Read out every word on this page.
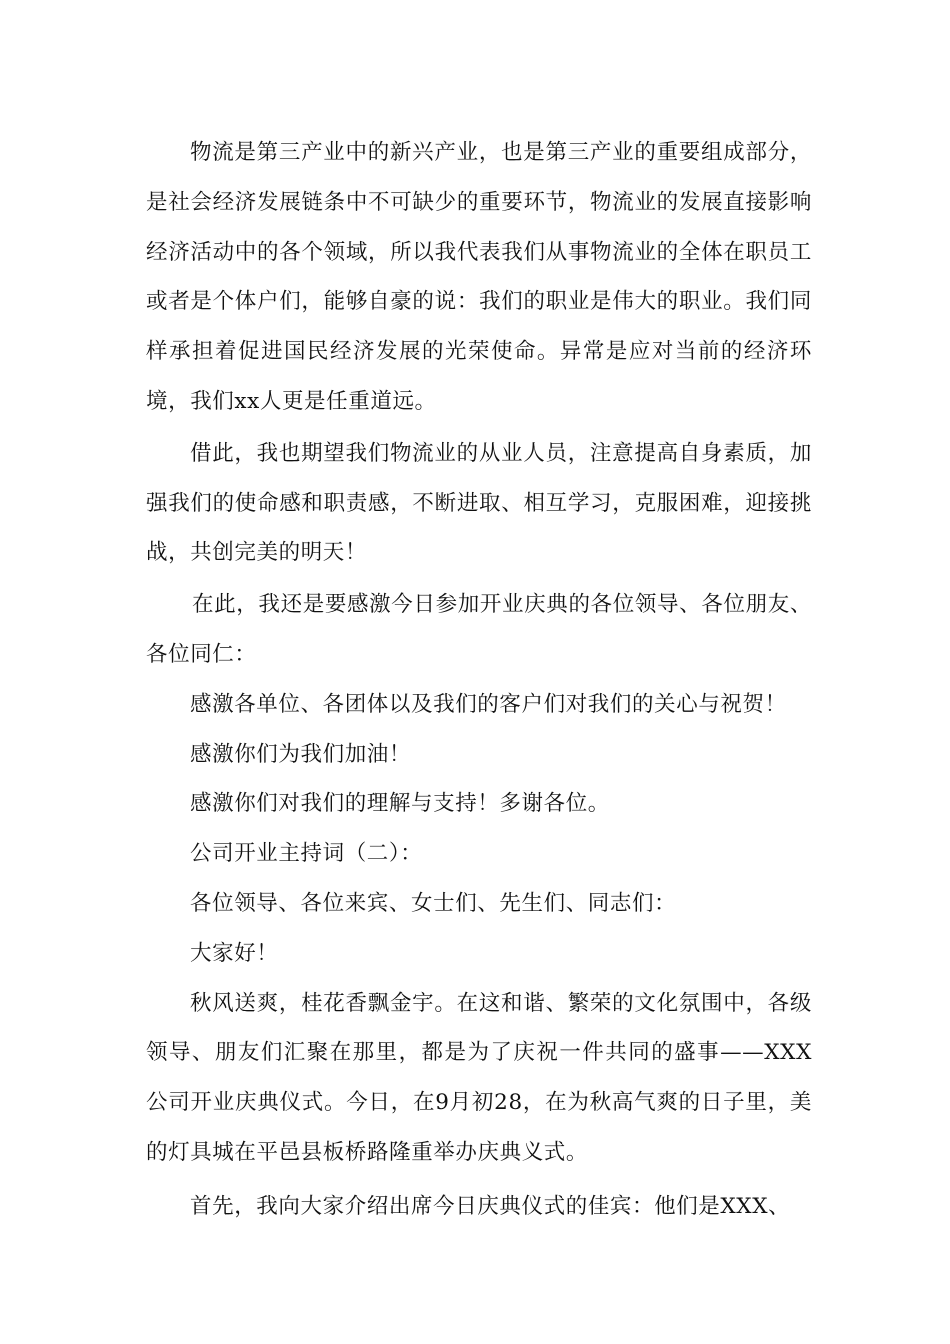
物流是第三产业中的新兴产业，也是第三产业的重要组成部分，是社会经济发展链条中不可缺少的重要环节，物流业的发展直接影响经济活动中的各个领域，所以我代表我们从事物流业的全体在职员工或者是个体户们，能够自豪的说：我们的职业是伟大的职业。我们同样承担着促进国民经济发展的光荣使命。异常是应对当前的经济环境，我们xx人更是任重道远。

借此，我也期望我们物流业的从业人员，注意提高自身素质，加强我们的使命感和职责感，不断进取、相互学习，克服困难，迎接挑战，共创完美的明天！

在此，我还是要感激今日参加开业庆典的各位领导、各位朋友、各位同仁：

感激各单位、各团体以及我们的客户们对我们的关心与祝贺！

感激你们为我们加油！

感激你们对我们的理解与支持！多谢各位。

公司开业主持词（二）：

各位领导、各位来宾、女士们、先生们、同志们：

大家好！

秋风送爽，桂花香飘金宇。在这和谐、繁荣的文化氛围中，各级领导、朋友们汇聚在那里，都是为了庆祝一件共同的盛事——XXX公司开业庆典仪式。今日，在9月初28，在为秋高气爽的日子里，美的灯具城在平邑县板桥路隆重举办庆典义式。

首先，我向大家介绍出席今日庆典仪式的佳宾：他们是XXX、
